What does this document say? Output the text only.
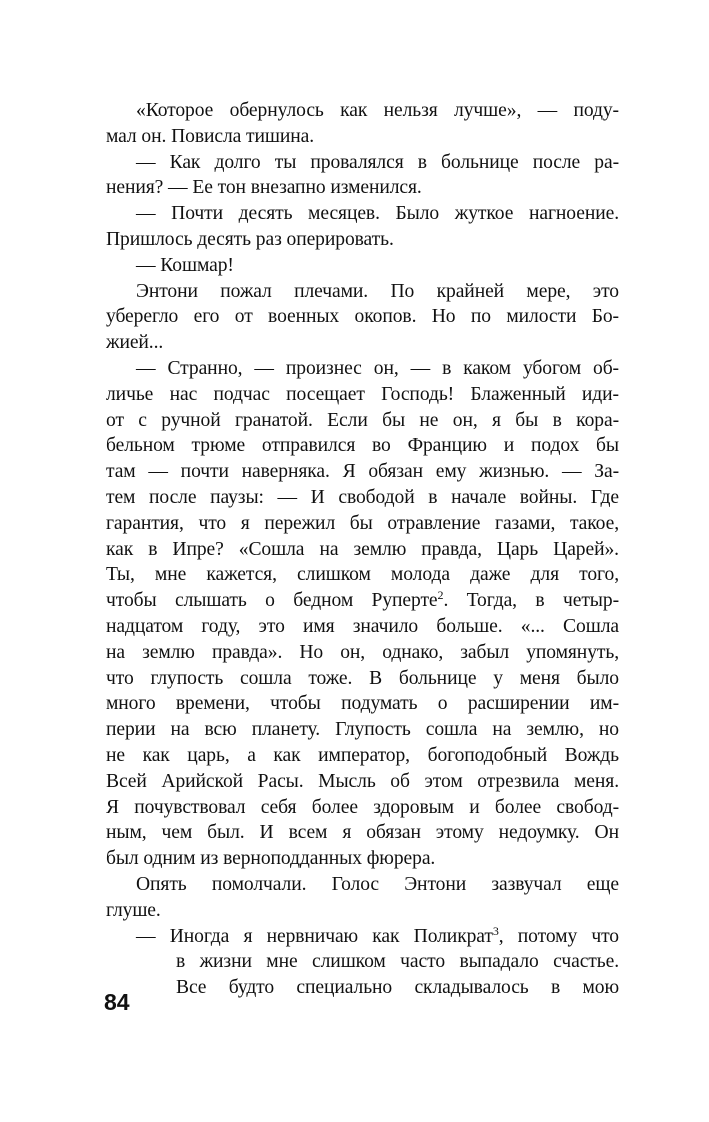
«Которое обернулось как нельзя лучше», — поду-
мал он. Повисла тишина.
— Как долго ты провалялся в больнице после ра-
нения? — Ее тон внезапно изменился.
— Почти десять месяцев. Было жуткое нагноение.
Пришлось десять раз оперировать.
— Кошмар!
Энтони пожал плечами. По крайней мере, это
уберегло его от военных окопов. Но по милости Бо-
жией...
— Странно, — произнес он, — в каком убогом об-
личье нас подчас посещает Господь! Блаженный иди-
от с ручной гранатой. Если бы не он, я бы в кора-
бельном трюме отправился во Францию и подох бы
там — почти наверняка. Я обязан ему жизнью. — За-
тем после паузы: — И свободой в начале войны. Где
гарантия, что я пережил бы отравление газами, такое,
как в Ипре? «Сошла на землю правда, Царь Царей».
Ты, мне кажется, слишком молода даже для того,
чтобы слышать о бедном Руперте$^2$. Тогда, в четыр-
надцатом году, это имя значило больше. «... Сошла
на землю правда». Но он, однако, забыл упомянуть,
что глупость сошла тоже. В больнице у меня было
много времени, чтобы подумать о расширении им-
перии на всю планету. Глупость сошла на землю, но
не как царь, а как император, богоподобный Вождь
Всей Арийской Расы. Мысль об этом отрезвила меня.
Я почувствовал себя более здоровым и более свобод-
ным, чем был. И всем я обязан этому недоумку. Он
был одним из верноподданных фюрера.
Опять помолчали. Голос Энтони зазвучал еще
глуше.
— Иногда я нервничаю как Поликрат$^3$, потому что
в жизни мне слишком часто выпадало счастье.
Все будто специально складывалось в мою
84
